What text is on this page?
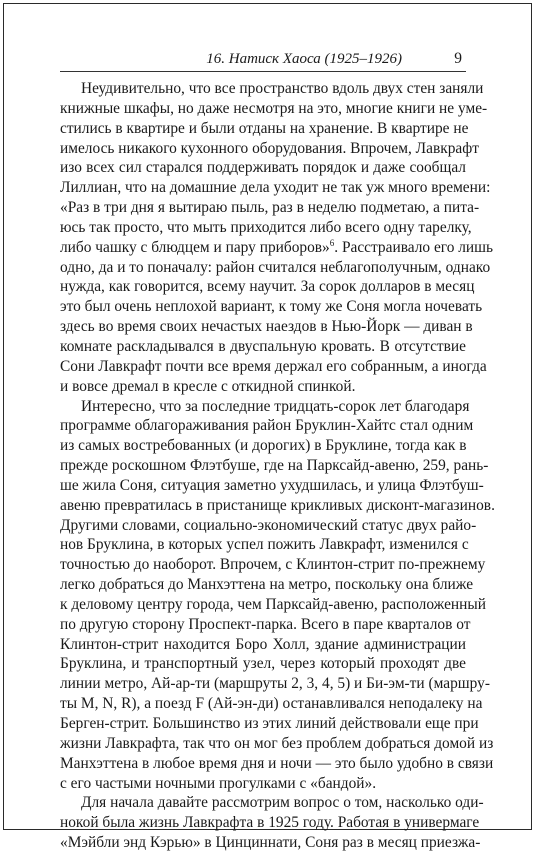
16. Натиск Хаоса (1925–1926)	9
Неудивительно, что все пространство вдоль двух стен заняли
книжные шкафы, но даже несмотря на это, многие книги не уме-
стились в квартире и были отданы на хранение. В квартире не
имелось никакого кухонного оборудования. Впрочем, Лавкрафт
изо всех сил старался поддерживать порядок и даже сообщал
Лиллиан, что на домашние дела уходит не так уж много времени:
«Раз в три дня я вытираю пыль, раз в неделю подметаю, а пита-
юсь так просто, что мыть приходится либо всего одну тарелку,
либо чашку с блюдцем и пару приборов»$^6$. Расстраивало его лишь
одно, да и то поначалу: район считался неблагополучным, однако
нужда, как говорится, всему научит. За сорок долларов в месяц
это был очень неплохой вариант, к тому же Соня могла ночевать
здесь во время своих нечастых наездов в Нью-Йорк — диван в
комнате раскладывался в двуспальную кровать. В отсутствие
Сони Лавкрафт почти все время держал его собранным, а иногда
и вовсе дремал в кресле с откидной спинкой.
Интересно, что за последние тридцать-сорок лет благодаря
программе облагораживания район Бруклин-Хайтс стал одним
из самых востребованных (и дорогих) в Бруклине, тогда как в
прежде роскошном Флэтбуше, где на Парксайд-авеню, 259, рань-
ше жила Соня, ситуация заметно ухудшилась, и улица Флэтбуш-
авеню превратилась в пристанище крикливых дисконт-магазинов.
Другими словами, социально-экономический статус двух райо-
нов Бруклина, в которых успел пожить Лавкрафт, изменился с
точностью до наоборот. Впрочем, с Клинтон-стрит по-прежнему
легко добраться до Манхэттена на метро, поскольку она ближе
к деловому центру города, чем Парксайд-авеню, расположенный
по другую сторону Проспект-парка. Всего в паре кварталов от
Клинтон-стрит находится Боро Холл, здание администрации
Бруклина, и транспортный узел, через который проходят две
линии метро, Ай-ар-ти (маршруты 2, 3, 4, 5) и Би-эм-ти (маршру-
ты M, N, R), а поезд F (Ай-эн-ди) останавливался неподалеку на
Берген-стрит. Большинство из этих линий действовали еще при
жизни Лавкрафта, так что он мог без проблем добраться домой из
Манхэттена в любое время дня и ночи — это было удобно в связи
с его частыми ночными прогулками с «бандой».
Для начала давайте рассмотрим вопрос о том, насколько оди-
нокой была жизнь Лавкрафта в 1925 году. Работая в универмаге
«Мэйбли энд Кэрью» в Цинциннати, Соня раз в месяц приезжа-
